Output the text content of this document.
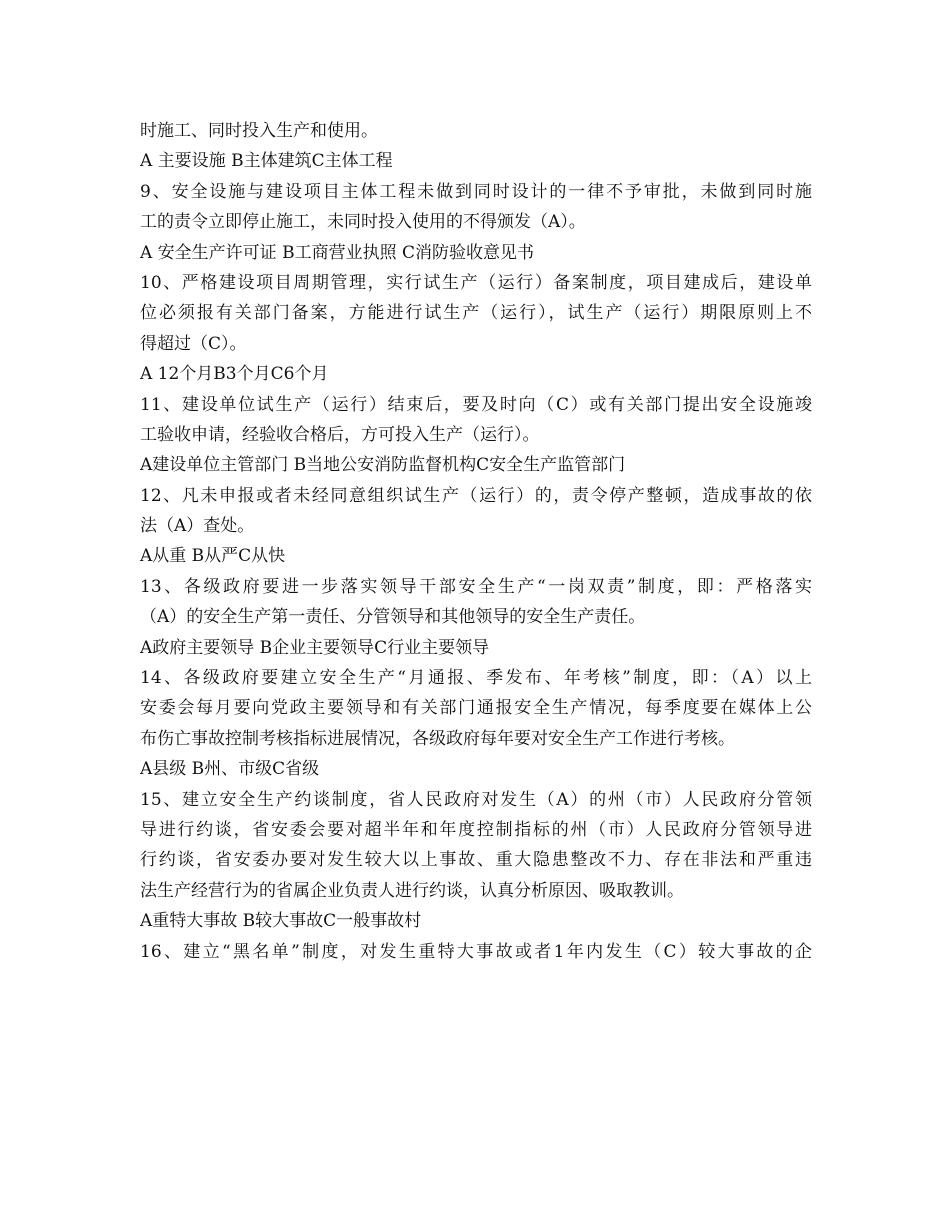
时施工、同时投入生产和使用。
A 主要设施 B主体建筑C主体工程
9、安全设施与建设项目主体工程未做到同时设计的一律不予审批，未做到同时施
工的责令立即停止施工，未同时投入使用的不得颁发（A）。
A 安全生产许可证 B工商营业执照 C消防验收意见书
10、严格建设项目周期管理，实行试生产（运行）备案制度，项目建成后，建设单
位必须报有关部门备案，方能进行试生产（运行），试生产（运行）期限原则上不
得超过（C）。
A 12个月B3个月C6个月
11、建设单位试生产（运行）结束后，要及时向（C）或有关部门提出安全设施竣
工验收申请，经验收合格后，方可投入生产（运行）。
A建设单位主管部门 B当地公安消防监督机构C安全生产监管部门
12、凡未申报或者未经同意组织试生产（运行）的，责令停产整顿，造成事故的依
法（A）查处。
A从重 B从严C从快
13、各级政府要进一步落实领导干部安全生产“一岗双责”制度，即：严格落实
（A）的安全生产第一责任、分管领导和其他领导的安全生产责任。
A政府主要领导 B企业主要领导C行业主要领导
14、各级政府要建立安全生产“月通报、季发布、年考核”制度，即：（A）以上
安委会每月要向党政主要领导和有关部门通报安全生产情况，每季度要在媒体上公
布伤亡事故控制考核指标进展情况，各级政府每年要对安全生产工作进行考核。
A县级 B州、市级C省级
15、建立安全生产约谈制度，省人民政府对发生（A）的州（市）人民政府分管领
导进行约谈，省安委会要对超半年和年度控制指标的州（市）人民政府分管领导进
行约谈，省安委办要对发生较大以上事故、重大隐患整改不力、存在非法和严重违
法生产经营行为的省属企业负责人进行约谈，认真分析原因、吸取教训。
A重特大事故 B较大事故C一般事故村
16、建立“黑名单”制度，对发生重特大事故或者1年内发生（C）较大事故的企
